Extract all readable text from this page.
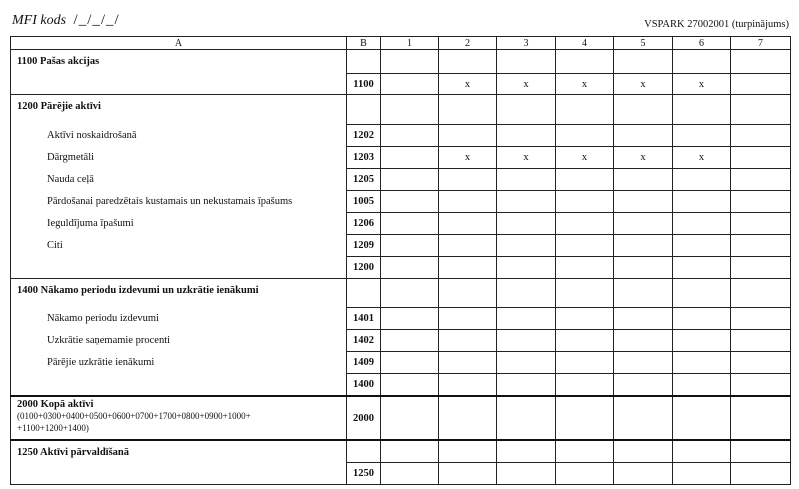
MFI kods /_/_/_/	VSPARK 27002001 (turpinājums)
A	B	1	2	3	4	5	6	7
1100 Pašas akcijas								
	1100		x	x	x	x	x	
1200 Pārējie aktīvi								
Aktīvi noskaidrošanā	1202							
Dārgmetāli	1203		x	x	x	x	x	
Nauda ceļā	1205							
Pārdošanai paredzētais kustamais un nekustamais īpašums	1005							
Ieguldījuma īpašumi	1206							
Citi	1209							
	1200							
1400 Nākamo periodu izdevumi un uzkrātie ienākumi								
Nākamo periodu izdevumi	1401							
Uzkrātie saņemamie procenti	1402							
Pārējie uzkrātie ienākumi	1409							
	1400							

2000 Kopā aktīvi
(0100+0300+0400+0500+0600+0700+1700+0800+0900+1000+
+1100+1200+1400)	2000							
1250 Aktīvi pārvaldīšanā								
	1250							
